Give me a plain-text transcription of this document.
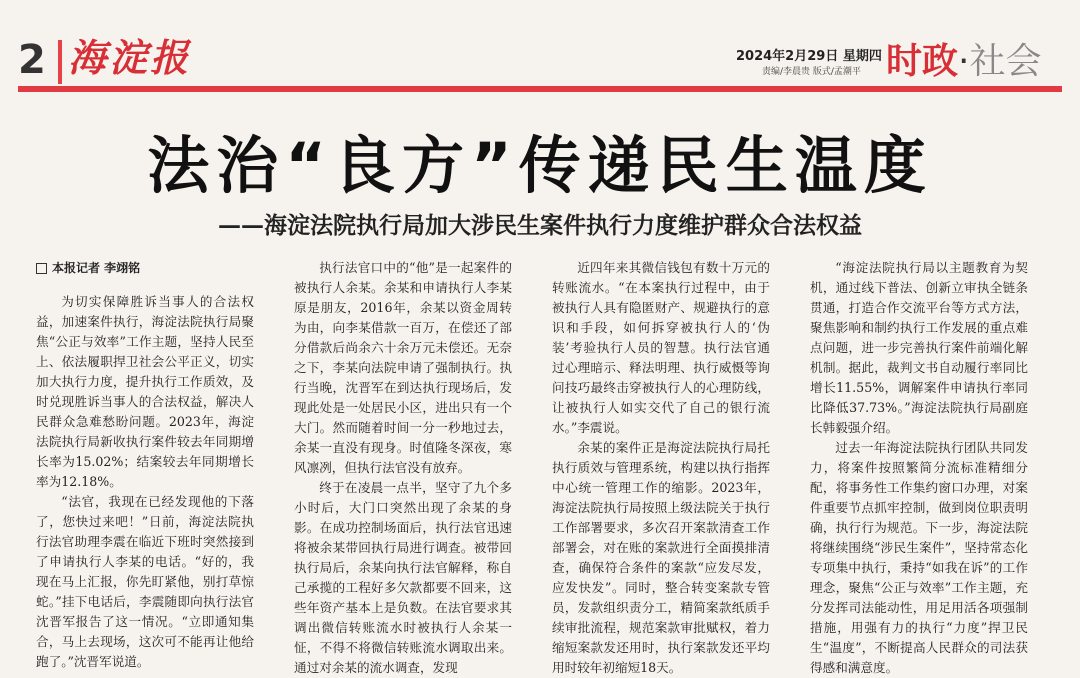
2 海淀报	2024年2月29日 星期四
责编/李晨贵 版式/孟潮平 时政·社会
法治“良方”传递民生温度
——海淀法院执行局加大涉民生案件执行力度维护群众合法权益

本报记者 李翊铭

为切实保障胜诉当事人的合法权益，加速案件执行，海淀法院执行局聚焦“公正与效率”工作主题，坚持人民至上、依法履职捍卫社会公平正义，切实加大执行力度，提升执行工作质效，及时兑现胜诉当事人的合法权益，解决人民群众急难愁盼问题。2023年，海淀法院执行局新收执行案件较去年同期增长率为15.02%；结案较去年同期增长率为12.18%。

“法官，我现在已经发现他的下落了，您快过来吧！”日前，海淀法院执行法官助理李震在临近下班时突然接到了申请执行人李某的电话。“好的，我现在马上汇报，你先盯紧他，别打草惊蛇。”挂下电话后，李震随即向执行法官沈晋军报告了这一情况。“立即通知集合，马上去现场，这次可不能再让他给跑了。”沈晋军说道。

执行法官口中的“他”是一起案件的被执行人余某。余某和申请执行人李某原是朋友，2016年，余某以资金周转为由，向李某借款一百万，在偿还了部分借款后尚余六十余万元未偿还。无奈之下，李某向法院申请了强制执行。执行当晚，沈晋军在到达执行现场后，发现此处是一处居民小区，进出只有一个大门。然而随着时间一分一秒地过去，余某一直没有现身。时值隆冬深夜，寒风凛冽，但执行法官没有放弃。

终于在凌晨一点半，坚守了九个多小时后，大门口突然出现了余某的身影。在成功控制场面后，执行法官迅速将被余某带回执行局进行调查。被带回执行局后，余某向执行法官解释，称自己承揽的工程好多欠款都要不回来，这些年资产基本上是负数。在法官要求其调出微信转账流水时被执行人余某一怔，不得不将微信转账流水调取出来。通过对余某的流水调查，发现

近四年来其微信钱包有数十万元的转账流水。“在本案执行过程中，由于被执行人具有隐匿财产、规避执行的意识和手段，如何拆穿被执行人的‘伪装’考验执行人员的智慧。执行法官通过心理暗示、释法明理、执行威慑等询问技巧最终击穿被执行人的心理防线，让被执行人如实交代了自己的银行流水。”李震说。

余某的案件正是海淀法院执行局托执行质效与管理系统，构建以执行指挥中心统一管理工作的缩影。2023年，海淀法院执行局按照上级法院关于执行工作部署要求，多次召开案款清查工作部署会，对在账的案款进行全面摸排清查，确保符合条件的案款“应发尽发，应发快发”。同时，整合转变案款专管员，发款组织责分工，精简案款纸质手续审批流程，规范案款审批赋权，着力缩短案款发还用时，执行案款发还平均用时较年初缩短18天。

“海淀法院执行局以主题教育为契机，通过线下普法、创新立审执全链条贯通，打造合作交流平台等方式方法，聚焦影响和制约执行工作发展的重点难点问题，进一步完善执行案件前端化解机制。据此，裁判文书自动履行率同比增长11.55%，调解案件申请执行率同比降低37.73%。”海淀法院执行局副庭长韩毅强介绍。

过去一年海淀法院执行团队共同发力，将案件按照繁简分流标准精细分配，将事务性工作集约窗口办理，对案件重要节点抓牢控制，做到岗位职责明确，执行行为规范。下一步，海淀法院将继续围绕“涉民生案件”，坚持常态化专项集中执行，秉持“如我在诉”的工作理念，聚焦“公正与效率”工作主题，充分发挥司法能动性，用足用活各项强制措施，用强有力的执行“力度”捍卫民生“温度”，不断提高人民群众的司法获得感和满意度。
